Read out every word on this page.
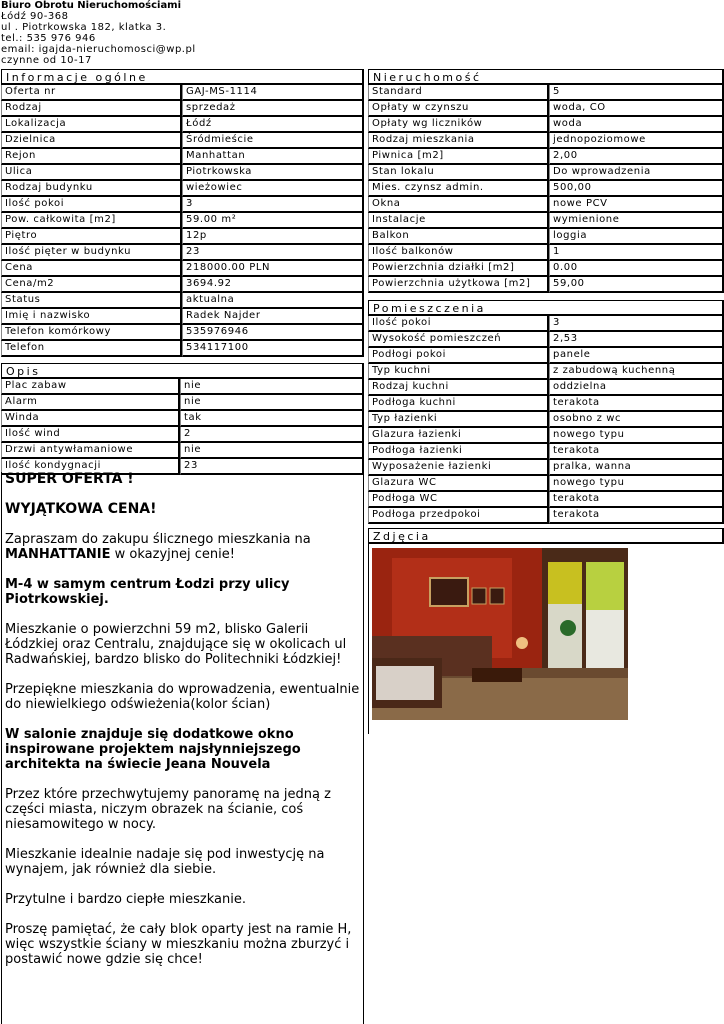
Biuro Obrotu Nieruchomościami
Łódź 90-368
ul . Piotrkowska 182, klatka 3.
tel.: 535 976 946
email: igajda-nieruchomosci@wp.pl
czynne od 10-17
Informacje ogólne
Oferta nr	GAJ-MS-1114
Rodzaj	sprzedaż
Lokalizacja	Łódź
Dzielnica	Śródmieście
Rejon	Manhattan
Ulica	Piotrkowska
Rodzaj budynku	wieżowiec
Ilość pokoi	3
Pow. całkowita [m2]	59.00 m²
Piętro	12p
Ilość pięter w budynku	23
Cena	218000.00 PLN
Cena/m2	3694.92
Status	aktualna
Imię i nazwisko	Radek Najder
Telefon komórkowy	535976946
Telefon	534117100
Opis
Plac zabaw	nie
Alarm	nie
Winda	tak
Ilość wind	2
Drzwi antywłamaniowe	nie
Ilość kondygnacji	23

SUPER OFERTA !

WYJĄTKOWA CENA!

Zapraszam do zakupu ślicznego mieszkania na MANHATTANIE w okazyjnej cenie!

M-4 w samym centrum Łodzi przy ulicy Piotrkowskiej.

Mieszkanie o powierzchni 59 m2, blisko Galerii Łódzkiej oraz Centralu, znajdujące się w okolicach ul Radwańskiej, bardzo blisko do Politechniki Łódzkiej!

Przepiękne mieszkania do wprowadzenia, ewentualnie do niewielkiego odświeżenia(kolor ścian)

W salonie znajduje się dodatkowe okno inspirowane projektem najsłynniejszego architekta na świecie Jeana Nouvela

Przez które przechwytujemy panoramę na jedną z części miasta, niczym obrazek na ścianie, coś niesamowitego w nocy.

Mieszkanie idealnie nadaje się pod inwestycję na wynajem, jak również dla siebie.

Przytulne i bardzo ciepłe mieszkanie.

Proszę pamiętać, że cały blok oparty jest na ramie H, więc wszystkie ściany w mieszkaniu można zburzyć i postawić nowe gdzie się chce!

Nieruchomość
Standard	5
Opłaty w czynszu	woda, CO
Opłaty wg liczników	woda
Rodzaj mieszkania	jednopoziomowe
Piwnica [m2]	2,00
Stan lokalu	Do wprowadzenia
Mies. czynsz admin.	500,00
Okna	nowe PCV
Instalacje	wymienione
Balkon	loggia
Ilość balkonów	1
Powierzchnia działki [m2]	0.00
Powierzchnia użytkowa [m2]	59,00
Pomieszczenia
Ilość pokoi	3
Wysokość pomieszczeń	2,53
Podłogi pokoi	panele
Typ kuchni	z zabudową kuchenną
Rodzaj kuchni	oddzielna
Podłoga kuchni	terakota
Typ łazienki	osobno z wc
Glazura łazienki	nowego typu
Podłoga łazienki	terakota
Wyposażenie łazienki	pralka, wanna
Glazura WC	nowego typu
Podłoga WC	terakota
Podłoga przedpokoi	terakota
Zdjęcia
